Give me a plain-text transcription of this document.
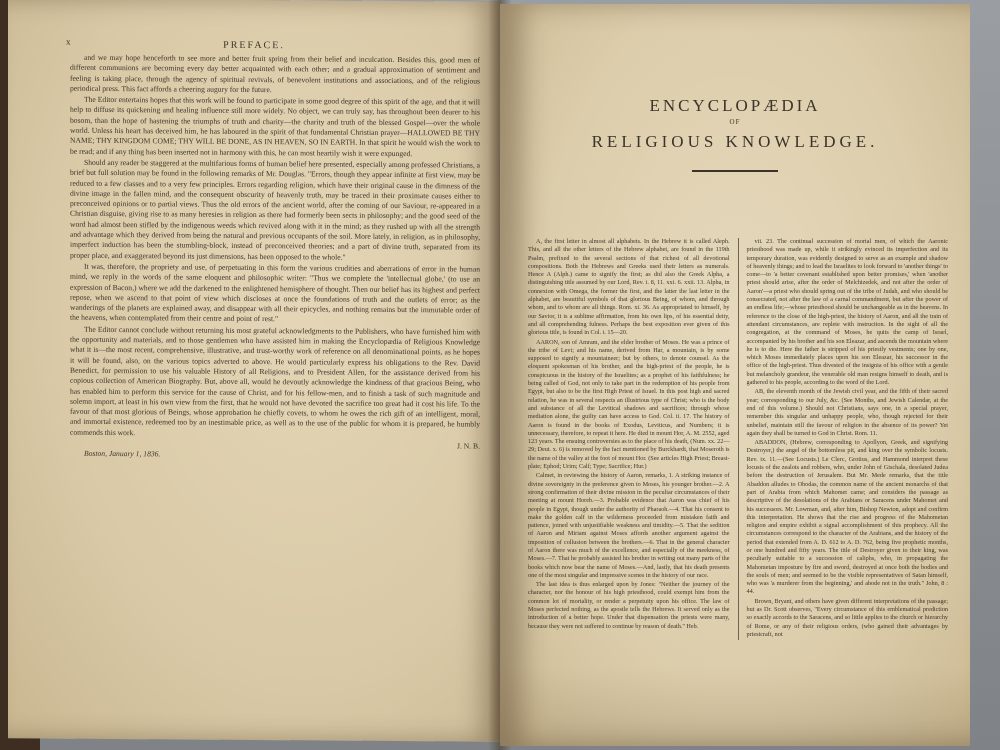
x	PREFACE.

and we may hope henceforth to see more and better fruit spring from their belief and inculcation. Besides this, good men of different communions are becoming every day better acquainted with each other; and a gradual approximation of sentiment and feeling is taking place, through the agency of spiritual revivals, of benevolent institutions and associations, and of the religious periodical press. This fact affords a cheering augury for the future.

The Editor entertains hopes that this work will be found to participate in some good degree of this spirit of the age, and that it will help to diffuse its quickening and healing influence still more widely. No object, we can truly say, has throughout been dearer to his bosom, than the hope of hastening the triumphs of truth and charity—the charity and truth of the blessed Gospel—over the whole world. Unless his heart has deceived him, he has laboured in the spirit of that fundamental Christian prayer—HALLOWED BE THY NAME; THY KINGDOM COME; THY WILL BE DONE, AS IN HEAVEN, SO IN EARTH. In that spirit he would wish the work to be read; and if any thing has been inserted not in harmony with this, he can most heartily wish it were expunged.

Should any reader be staggered at the multifarious forms of human belief here presented, especially among professed Christians, a brief but full solution may be found in the following remarks of Mr. Douglas. "Errors, though they appear infinite at first view, may be reduced to a few classes and to a very few principles. Errors regarding religion, which have their original cause in the dimness of the divine image in the fallen mind, and the consequent obscurity of heavenly truth, may be traced in their proximate causes either to preconceived opinions or to partial views. Thus the old errors of the ancient world, after the coming of our Saviour, re-appeared in a Christian disguise, giving rise to as many heresies in religion as there had formerly been sects in philosophy; and the good seed of the word had almost been stifled by the indigenous weeds which revived along with it in the mind; as they rushed up with all the strength and advantage which they derived from being the natural and previous occupants of the soil. More lately, in religion, as in philosophy, imperfect induction has been the stumbling-block, instead of preconceived theories; and a part of divine truth, separated from its proper place, and exaggerated beyond its just dimensions, has been opposed to the whole."

It was, therefore, the propriety and use, of perpetuating in this form the various crudities and aberrations of error in the human mind, we reply in the words of the same eloquent and philosophic writer: "Thus we complete the 'intellectual globe,' (to use an expression of Bacon,) where we add the darkened to the enlightened hemisphere of thought. Then our belief has its highest and perfect repose, when we ascend to that point of view which discloses at once the foundations of truth and the outlets of error; as the wanderings of the planets are explained away, and disappear with all their epicycles, and nothing remains but the immutable order of the heavens, when contemplated from their centre and point of rest."

The Editor cannot conclude without returning his most grateful acknowledgments to the Publishers, who have furnished him with the opportunity and materials, and to those gentlemen who have assisted him in making the Encyclopædia of Religious Knowledge what it is—the most recent, comprehensive, illustrative, and trust-worthy work of reference on all denominational points, as he hopes it will be found, also, on the various topics adverted to above. He would particularly express his obligations to the Rev. David Benedict, for permission to use his valuable History of all Religions, and to President Allen, for the assistance derived from his copious collection of American Biography. But, above all, would he devoutly acknowledge the kindness of that gracious Being, who has enabled him to perform this service for the cause of Christ, and for his fellow-men, and to finish a task of such magnitude and solemn import, at least in his own view from the first, that he would not have devoted the sacrifice too great had it cost his life. To the favour of that most glorious of Beings, whose approbation he chiefly covets, to whom he owes the rich gift of an intelligent, moral, and immortal existence, redeemed too by an inestimable price, as well as to the use of the public for whom it is prepared, he humbly commends this work.

J. N. B.
Boston, January 1, 1836.
ENCYCLOPÆDIA
OF
RELIGIOUS KNOWLEDGE.

A, the first letter in almost all alphabets. In the Hebrew it is called Aleph. This, and all the other letters of the Hebrew alphabet, are found in the 119th Psalm, prefixed to the several sections of that richest of all devotional compositions. Both the Hebrews and Greeks used their letters as numerals. Hence A (Alph.) came to signify the first; as did also the Greek Alpha, a distinguishing title assumed by our Lord, Rev. i. 8, 11. xxi. 6. xxii. 13. Alpha, in connexion with Omega, the former the first, and the latter the last letter in the alphabet, are beautiful symbols of that glorious Being, of whom, and through whom, and to whom are all things. Rom. xi. 36. As appropriated to himself, by our Savior, it is a sublime affirmation, from his own lips, of his essential deity, and all comprehending fulness. Perhaps the best exposition ever given of this glorious title, is found in Col. i. 15—20.

AARON, son of Amram, and the elder brother of Moses. He was a prince of the tribe of Levi; and his name, derived from Har, a mountain, is by some supposed to signify a mountaineer; but by others, to denote counsel. As the eloquent spokesman of his brother, and the high-priest of the people, he is conspicuous in the history of the Israelites; as a prophet of his faithfulness; he being called of God, not only to take part in the redemption of his people from Egypt, but also to be the first High Priest of Israel. In this post high and sacred relation, he was in several respects an illustrious type of Christ; who is the body and substance of all the Levitical shadows and sacrifices; through whose mediation alone, the guilty can have access to God. Col. ii. 17. The history of Aaron is found in the books of Exodus, Leviticus, and Numbers; it is unnecessary, therefore, to repeat it here. He died in mount Hor, A. M. 2552, aged 123 years. The ensuing controversies as to the place of his death, (Num. xx. 22—29; Deut. x. 6) is removed by the fact mentioned by Burckhardt, that Moseroth is the name of the valley at the foot of mount Hor. (See articles High Priest; Breast-plate; Ephod; Urim; Calf; Type; Sacrifice; Hur.)

Calmet, in reviewing the history of Aaron, remarks, 1. A striking instance of divine sovereignty in the preference given to Moses, his younger brother.—2. A strong confirmation of their divine mission in the peculiar circumstances of their meeting at mount Horeb.—3. Probable evidence that Aaron was chief of his people in Egypt, though under the authority of Pharaoh.—4. That his consent to make the golden calf in the wilderness proceeded from mistaken faith and patience, joined with unjustifiable weakness and timidity.—5. That the sedition of Aaron and Miriam against Moses affords another argument against the imposition of collusion between the brothers.—6. That in the general character of Aaron there was much of the excellence, and especially of the meekness, of Moses.—7. That he probably assisted his brother in writing out many parts of the books which now bear the name of Moses.—And, lastly, that his death presents one of the most singular and impressive scenes in the history of our race.

The last idea is thus enlarged upon by Jones: "Neither the journey of the character, nor the honour of his high priesthood, could exempt him from the common lot of mortality, or render a perpetuity upon his office. The law of Moses perfected nothing, as the apostle tells the Hebrews. It served only as the introduction of a better hope. Under that dispensation the priests were many, because they were not suffered to continue by reason of death." Heb.

vii. 23. The continual succession of mortal men, of which the Aaronic priesthood was made up, while it strikingly evinced its imperfection and its temporary duration, was evidently designed to serve as an example and shadow of heavenly things; and to lead the Israelites to look forward to 'another things' to come—to 'a better covenant established upon better promises,' when 'another priest should arise, after the order of Melchizedek, and not after the order of Aaron'—a priest who should spring out of the tribe of Judah, and who should be consecrated, not after the law of a carnal commandment, but after the power of an endless life;—whose priesthood should be unchangeable as in the heavens. In reference to the close of the high-priest, the history of Aaron, and all the train of attendant circumstances, are replete with instruction. In the sight of all the congregation, at the command of Moses, he quits the camp of Israel, accompanied by his brother and his son Eleazar, and ascends the mountain where he is to die. Here the father is stripped of his priestly vestments; one by one, which Moses immediately places upon his son Eleazar, his successor in the office of the high-priest. Thus divested of the insignia of his office with a gentle but melancholy grandeur, the venerable old man resigns himself to death, and is gathered to his people, according to the word of the Lord.

AB, the eleventh month of the Jewish civil year, and the fifth of their sacred year; corresponding to our July, &c. (See Months, and Jewish Calendar, at the end of this volume.) Should not Christians, says one, in a special prayer, remember this singular and unhappy people, who, though rejected for their unbelief, maintain still the favour of religion in the absence of its power? Yet again they shall be turned to God in Christ. Rom. 11.

ABADDON, (Hebrew, corresponding to Apollyon, Greek, and signifying Destroyer,) the angel of the bottomless pit, and king over the symbolic locusts. Rev. ix. 11.—(See Locusts.) Le Clerc, Grotius, and Hammond interpret these locusts of the zealots and robbers, who, under John of Gischala, desolated Judea before the destruction of Jerusalem. But Mr. Mede remarks, that the title Abaddon alludes to Obodas, the common name of the ancient monarchs of that part of Arabia from which Mahomet came; and considers the passage as descriptive of the desolations of the Arabians or Saracens under Mahomet and his successors. Mr. Lowman, and, after him, Bishop Newton, adopt and confirm this interpretation. He shows that the rise and progress of the Mahometan religion and empire exhibit a signal accomplishment of this prophecy. All the circumstances correspond to the character of the Arabians, and the history of the period that extended from A. D. 612 to A. D. 762, being five prophetic months, or one hundred and fifty years. The title of Destroyer given to their king, was peculiarly suitable to a succession of caliphs, who, in propagating the Mahometan imposture by fire and sword, destroyed at once both the bodies and the souls of men; and seemed to be the visible representatives of Satan himself, who was 'a murderer from the beginning,' and abode not in the truth." John, 8 : 44.

Brown, Bryant, and others have given different interpretations of the passage; but as Dr. Scott observes, "Every circumstance of this emblematical prediction so exactly accords to the Saracens, and so little applies to the church or hierarchy of Rome, or any of their religious orders, (who gained their advantages by priestcraft, not
